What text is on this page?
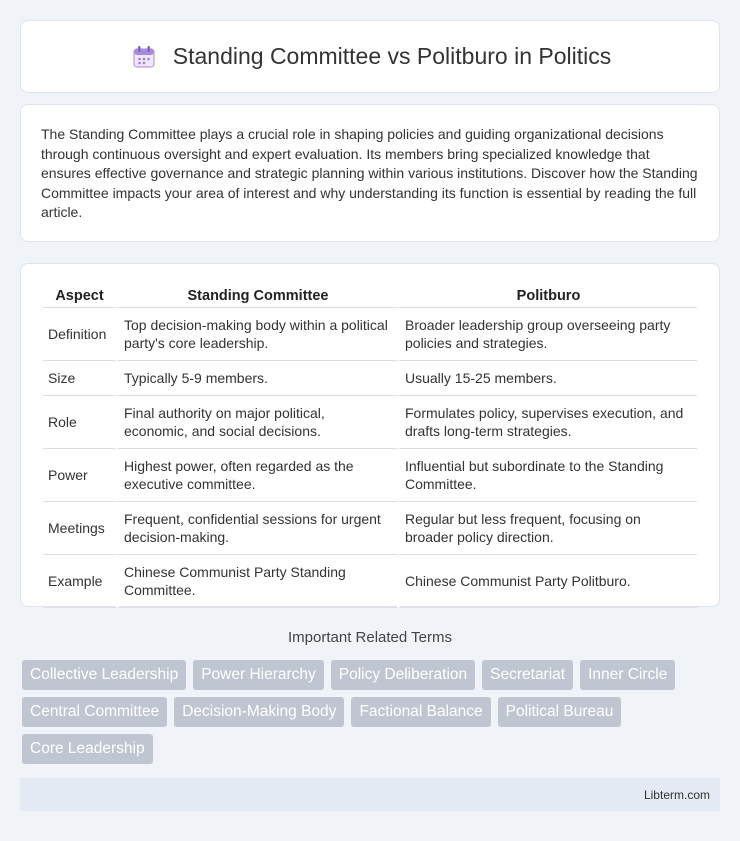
Standing Committee vs Politburo in Politics

The Standing Committee plays a crucial role in shaping policies and guiding organizational decisions through continuous oversight and expert evaluation. Its members bring specialized knowledge that ensures effective governance and strategic planning within various institutions. Discover how the Standing Committee impacts your area of interest and why understanding its function is essential by reading the full article.

Aspect	Standing Committee	Politburo
Definition	Top decision-making body within a political party's core leadership.	Broader leadership group overseeing party policies and strategies.
Size	Typically 5-9 members.	Usually 15-25 members.
Role	Final authority on major political, economic, and social decisions.	Formulates policy, supervises execution, and drafts long-term strategies.
Power	Highest power, often regarded as the executive committee.	Influential but subordinate to the Standing Committee.
Meetings	Frequent, confidential sessions for urgent decision-making.	Regular but less frequent, focusing on broader policy direction.
Example	Chinese Communist Party Standing Committee.	Chinese Communist Party Politburo.
Important Related Terms
Collective Leadership	Power Hierarchy	Policy Deliberation	Secretariat	Inner Circle
Central Committee	Decision-Making Body	Factional Balance	Political Bureau
Core Leadership
Libterm.com
